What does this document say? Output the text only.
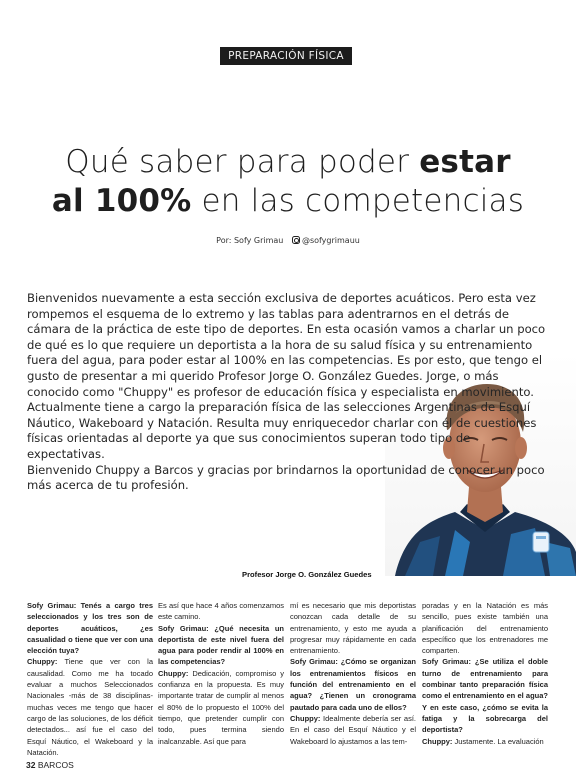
PREPARACIÓN FÍSICA
Qué saber para poder estar
al 100% en las competencias
Por: Sofy Grimau @sofygrimauu

Bienvenidos nuevamente a esta sección exclusiva de deportes acuáticos. Pero esta vez rompemos el esquema de lo extremo y las tablas para adentrarnos en el detrás de cámara de la práctica de este tipo de deportes. En esta ocasión vamos a charlar un poco de qué es lo que requiere un deportista a la hora de su salud física y su entrenamiento fuera del agua, para poder estar al 100% en las competencias. Es por esto, que tengo el gusto de presentar a mi querido Profesor Jorge O. González Guedes. Jorge, o más conocido como "Chuppy" es profesor de educación física y especialista en movimiento.

Actualmente tiene a cargo la preparación física de las selecciones Argentinas de Esquí Náutico, Wakeboard y Natación. Resulta muy enriquecedor charlar con él de cuestiones físicas orientadas al deporte ya que sus conocimientos superan todo tipo de expectativas.

Bienvenido Chuppy a Barcos y gracias por brindarnos la oportunidad de conocer un poco más acerca de tu profesión.

Profesor Jorge O. González Guedes

Sofy Grimau: Tenés a cargo tres seleccionados y los tres son de deportes acuáticos, ¿es casualidad o tiene que ver con una elección tuya?

Chuppy: Tiene que ver con la causalidad. Como me ha tocado evaluar a muchos Seleccionados Nacionales -más de 38 disciplinas- muchas veces me tengo que hacer cargo de las soluciones, de los déficit detectados... así fue el caso del Esquí Náutico, el Wakeboard y la Natación.

Es así que hace 4 años comenzamos este camino.

Sofy Grimau: ¿Qué necesita un deportista de este nivel fuera del agua para poder rendir al 100% en las competencias?

Chuppy: Dedicación, compromiso y confianza en la propuesta. Es muy importante tratar de cumplir al menos el 80% de lo propuesto el 100% del tiempo, que pretender cumplir con todo, pues termina siendo inalcanzable. Así que para

mí es necesario que mis deportistas conozcan cada detalle de su entrenamiento, y esto me ayuda a progresar muy rápidamente en cada entrenamiento.

Sofy Grimau: ¿Cómo se organizan los entrenamientos físicos en función del entrenamiento en el agua? ¿Tienen un cronograma pautado para cada uno de ellos?

Chuppy: Idealmente debería ser así. En el caso del Esquí Náutico y el Wakeboard lo ajustamos a las tem-

poradas y en la Natación es más sencillo, pues existe también una planificación del entrenamiento específico que los entrenadores me comparten.

Sofy Grimau: ¿Se utiliza el doble turno de entrenamiento para combinar tanto preparación física como el entrenamiento en el agua? Y en este caso, ¿cómo se evita la fatiga y la sobrecarga del deportista?

Chuppy: Justamente. La evaluación

32 BARCOS
